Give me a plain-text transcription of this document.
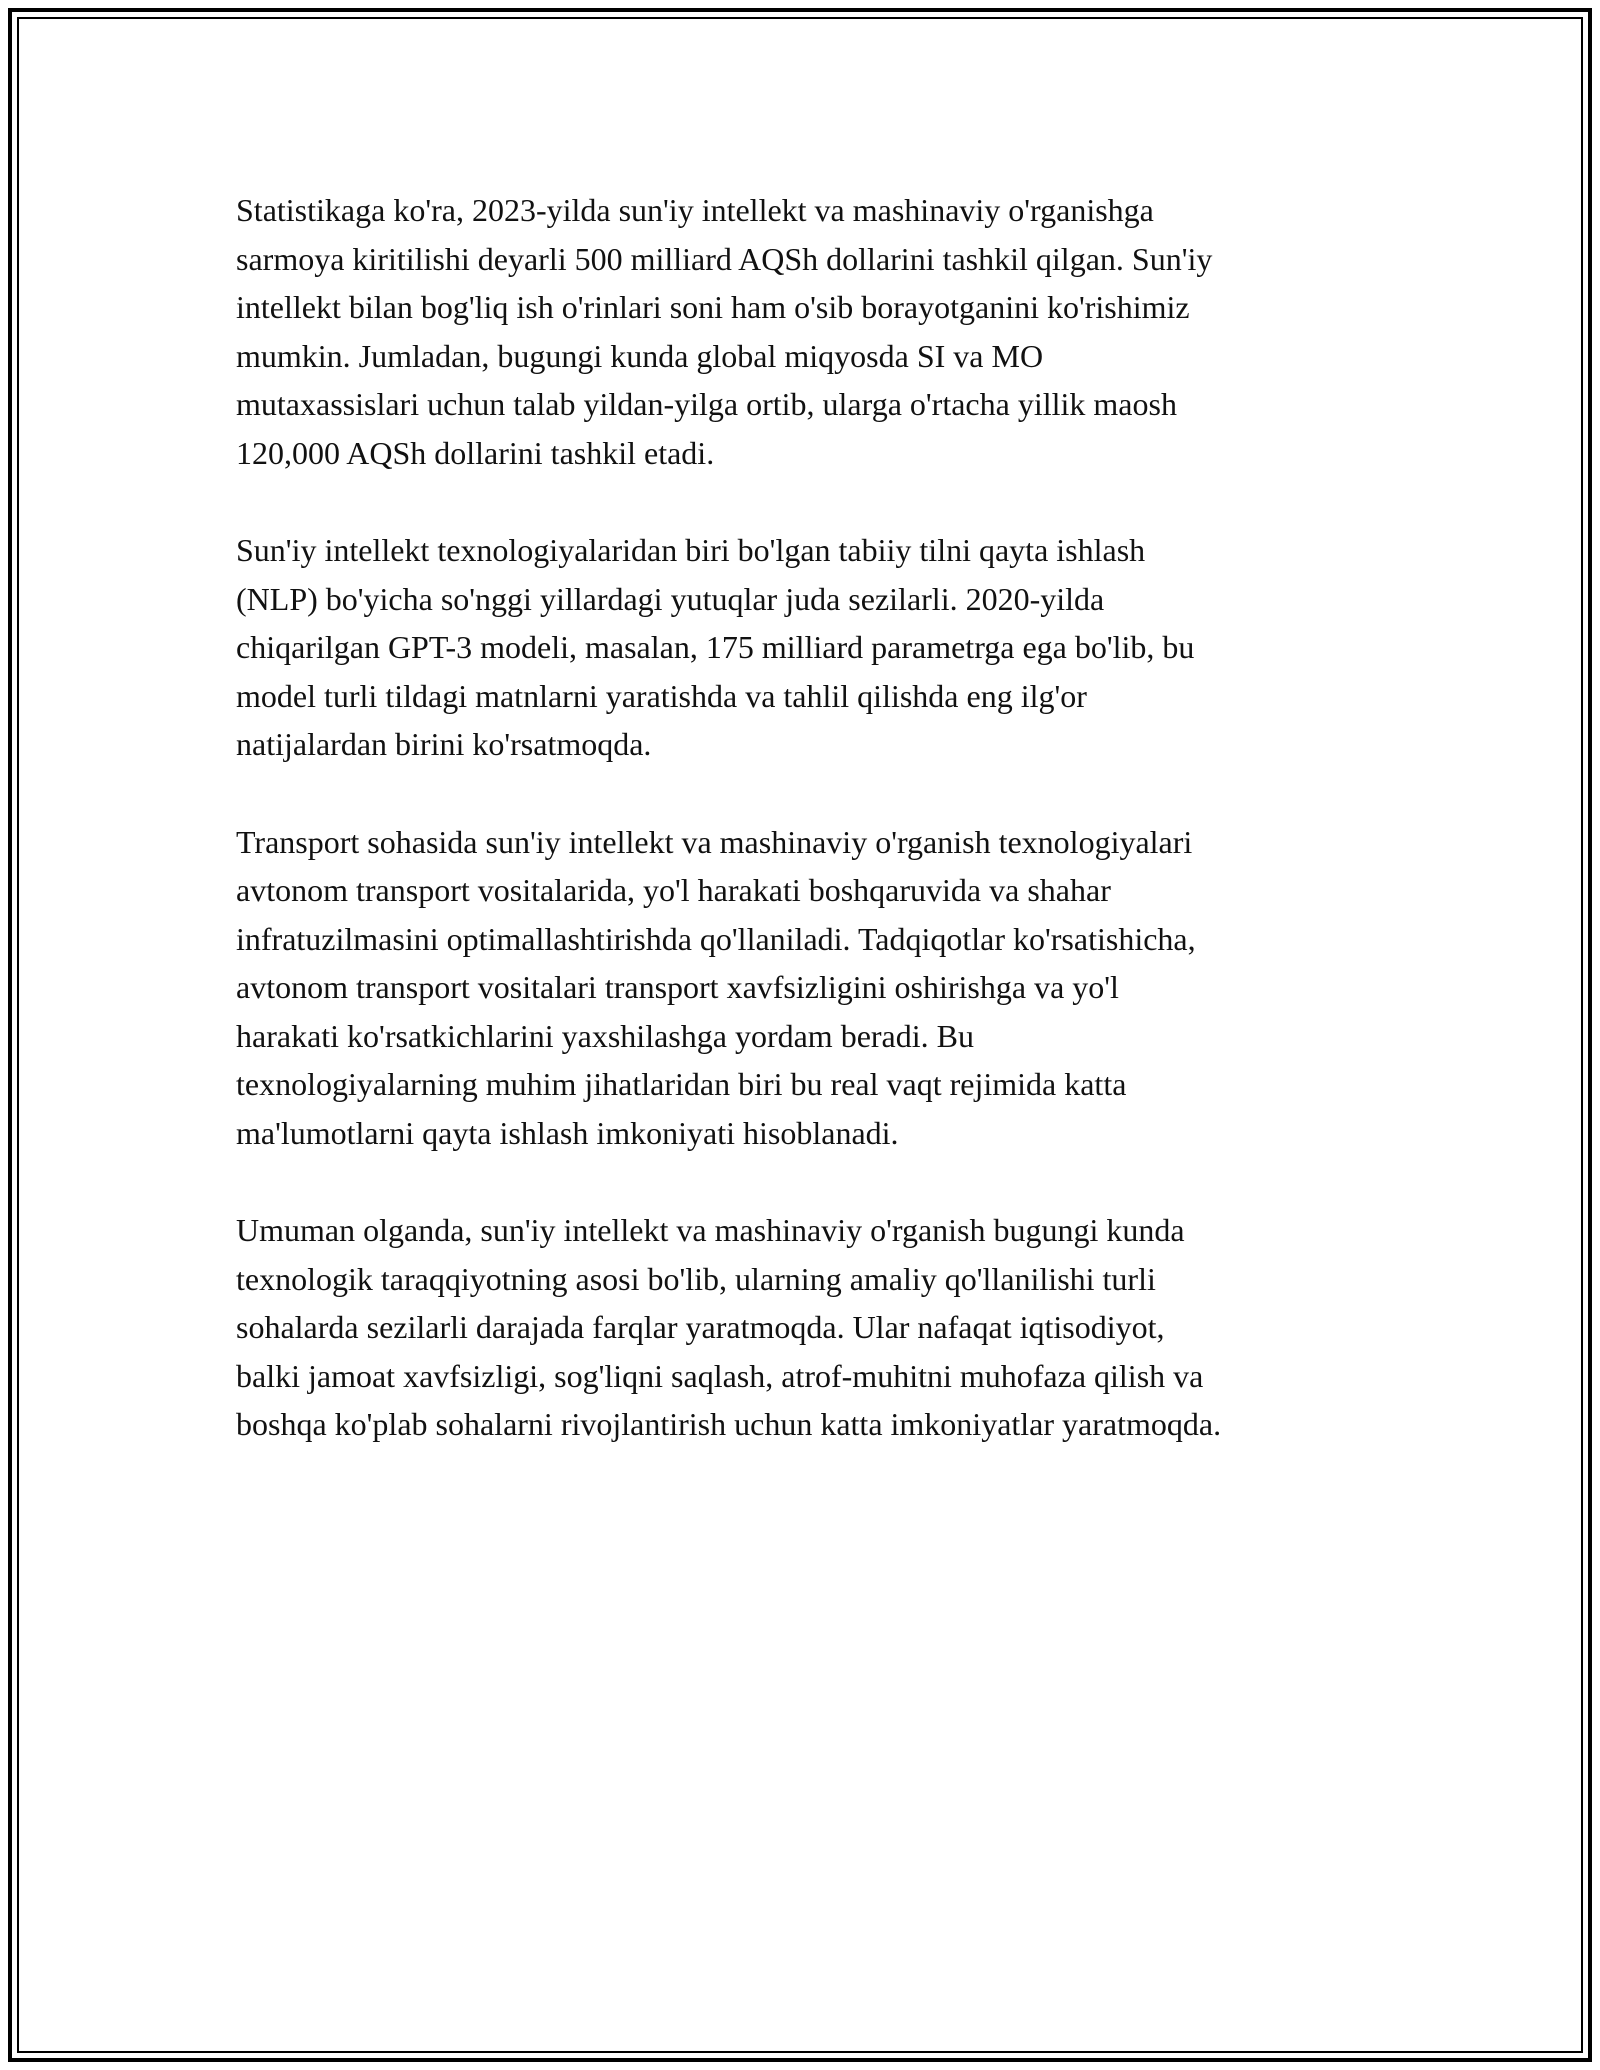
Statistikaga ko'ra, 2023-yilda sun'iy intellekt va mashinaviy o'rganishga
sarmoya kiritilishi deyarli 500 milliard AQSh dollarini tashkil qilgan. Sun'iy
intellekt bilan bog'liq ish o'rinlari soni ham o'sib borayotganini ko'rishimiz
mumkin. Jumladan, bugungi kunda global miqyosda SI va MO
mutaxassislari uchun talab yildan-yilga ortib, ularga o'rtacha yillik maosh
120,000 AQSh dollarini tashkil etadi.

Sun'iy intellekt texnologiyalaridan biri bo'lgan tabiiy tilni qayta ishlash
(NLP) bo'yicha so'nggi yillardagi yutuqlar juda sezilarli. 2020-yilda
chiqarilgan GPT-3 modeli, masalan, 175 milliard parametrga ega bo'lib, bu
model turli tildagi matnlarni yaratishda va tahlil qilishda eng ilg'or
natijalardan birini ko'rsatmoqda.

Transport sohasida sun'iy intellekt va mashinaviy o'rganish texnologiyalari
avtonom transport vositalarida, yo'l harakati boshqaruvida va shahar
infratuzilmasini optimallashtirishda qo'llaniladi. Tadqiqotlar ko'rsatishicha,
avtonom transport vositalari transport xavfsizligini oshirishga va yo'l
harakati ko'rsatkichlarini yaxshilashga yordam beradi. Bu
texnologiyalarning muhim jihatlaridan biri bu real vaqt rejimida katta
ma'lumotlarni qayta ishlash imkoniyati hisoblanadi.

Umuman olganda, sun'iy intellekt va mashinaviy o'rganish bugungi kunda
texnologik taraqqiyotning asosi bo'lib, ularning amaliy qo'llanilishi turli
sohalarda sezilarli darajada farqlar yaratmoqda. Ular nafaqat iqtisodiyot,
balki jamoat xavfsizligi, sog'liqni saqlash, atrof-muhitni muhofaza qilish va
boshqa ko'plab sohalarni rivojlantirish uchun katta imkoniyatlar yaratmoqda.
